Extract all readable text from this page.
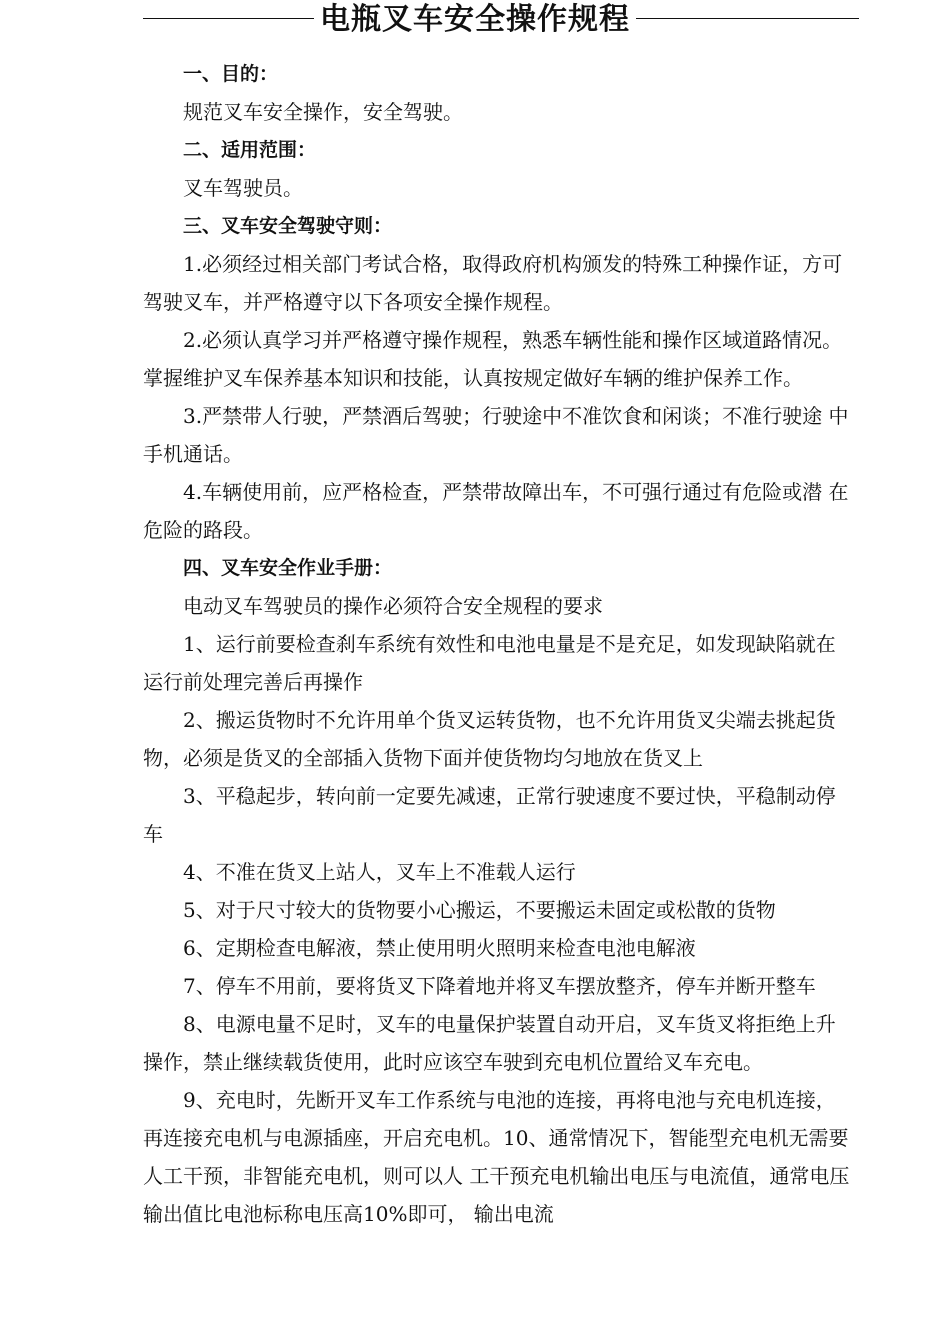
电瓶叉车安全操作规程

一、目的：

规范叉车安全操作，安全驾驶。

二、适用范围：

叉车驾驶员。

三、叉车安全驾驶守则：

1.必须经过相关部门考试合格，取得政府机构颁发的特殊工种操作证，方可驾驶叉车，并严格遵守以下各项安全操作规程。

2.必须认真学习并严格遵守操作规程，熟悉车辆性能和操作区域道路情况。 掌握维护叉车保养基本知识和技能，认真按规定做好车辆的维护保养工作。

3.严禁带人行驶，严禁酒后驾驶；行驶途中不准饮食和闲谈；不准行驶途 中手机通话。

4.车辆使用前，应严格检查，严禁带故障出车，不可强行通过有危险或潜 在危险的路段。

四、叉车安全作业手册：

电动叉车驾驶员的操作必须符合安全规程的要求

1、运行前要检查刹车系统有效性和电池电量是不是充足，如发现缺陷就在 运行前处理完善后再操作

2、搬运货物时不允许用单个货叉运转货物，也不允许用货叉尖端去挑起货 物，必须是货叉的全部插入货物下面并使货物均匀地放在货叉上

3、平稳起步，转向前一定要先减速，正常行驶速度不要过快，平稳制动停车

4、不准在货叉上站人，叉车上不准载人运行

5、对于尺寸较大的货物要小心搬运，不要搬运未固定或松散的货物

6、定期检查电解液，禁止使用明火照明来检查电池电解液

7、停车不用前，要将货叉下降着地并将叉车摆放整齐，停车并断开整车

8、电源电量不足时，叉车的电量保护装置自动开启，叉车货叉将拒绝上升 操作，禁止继续载货使用，此时应该空车驶到充电机位置给叉车充电。

9、充电时，先断开叉车工作系统与电池的连接，再将电池与充电机连接， 再连接充电机与电源插座，开启充电机。10、通常情况下，智能型充电机无需要人工干预，非智能充电机，则可以人 工干预充电机输出电压与电流值，通常电压输出值比电池标称电压高10%即可， 输出电流
